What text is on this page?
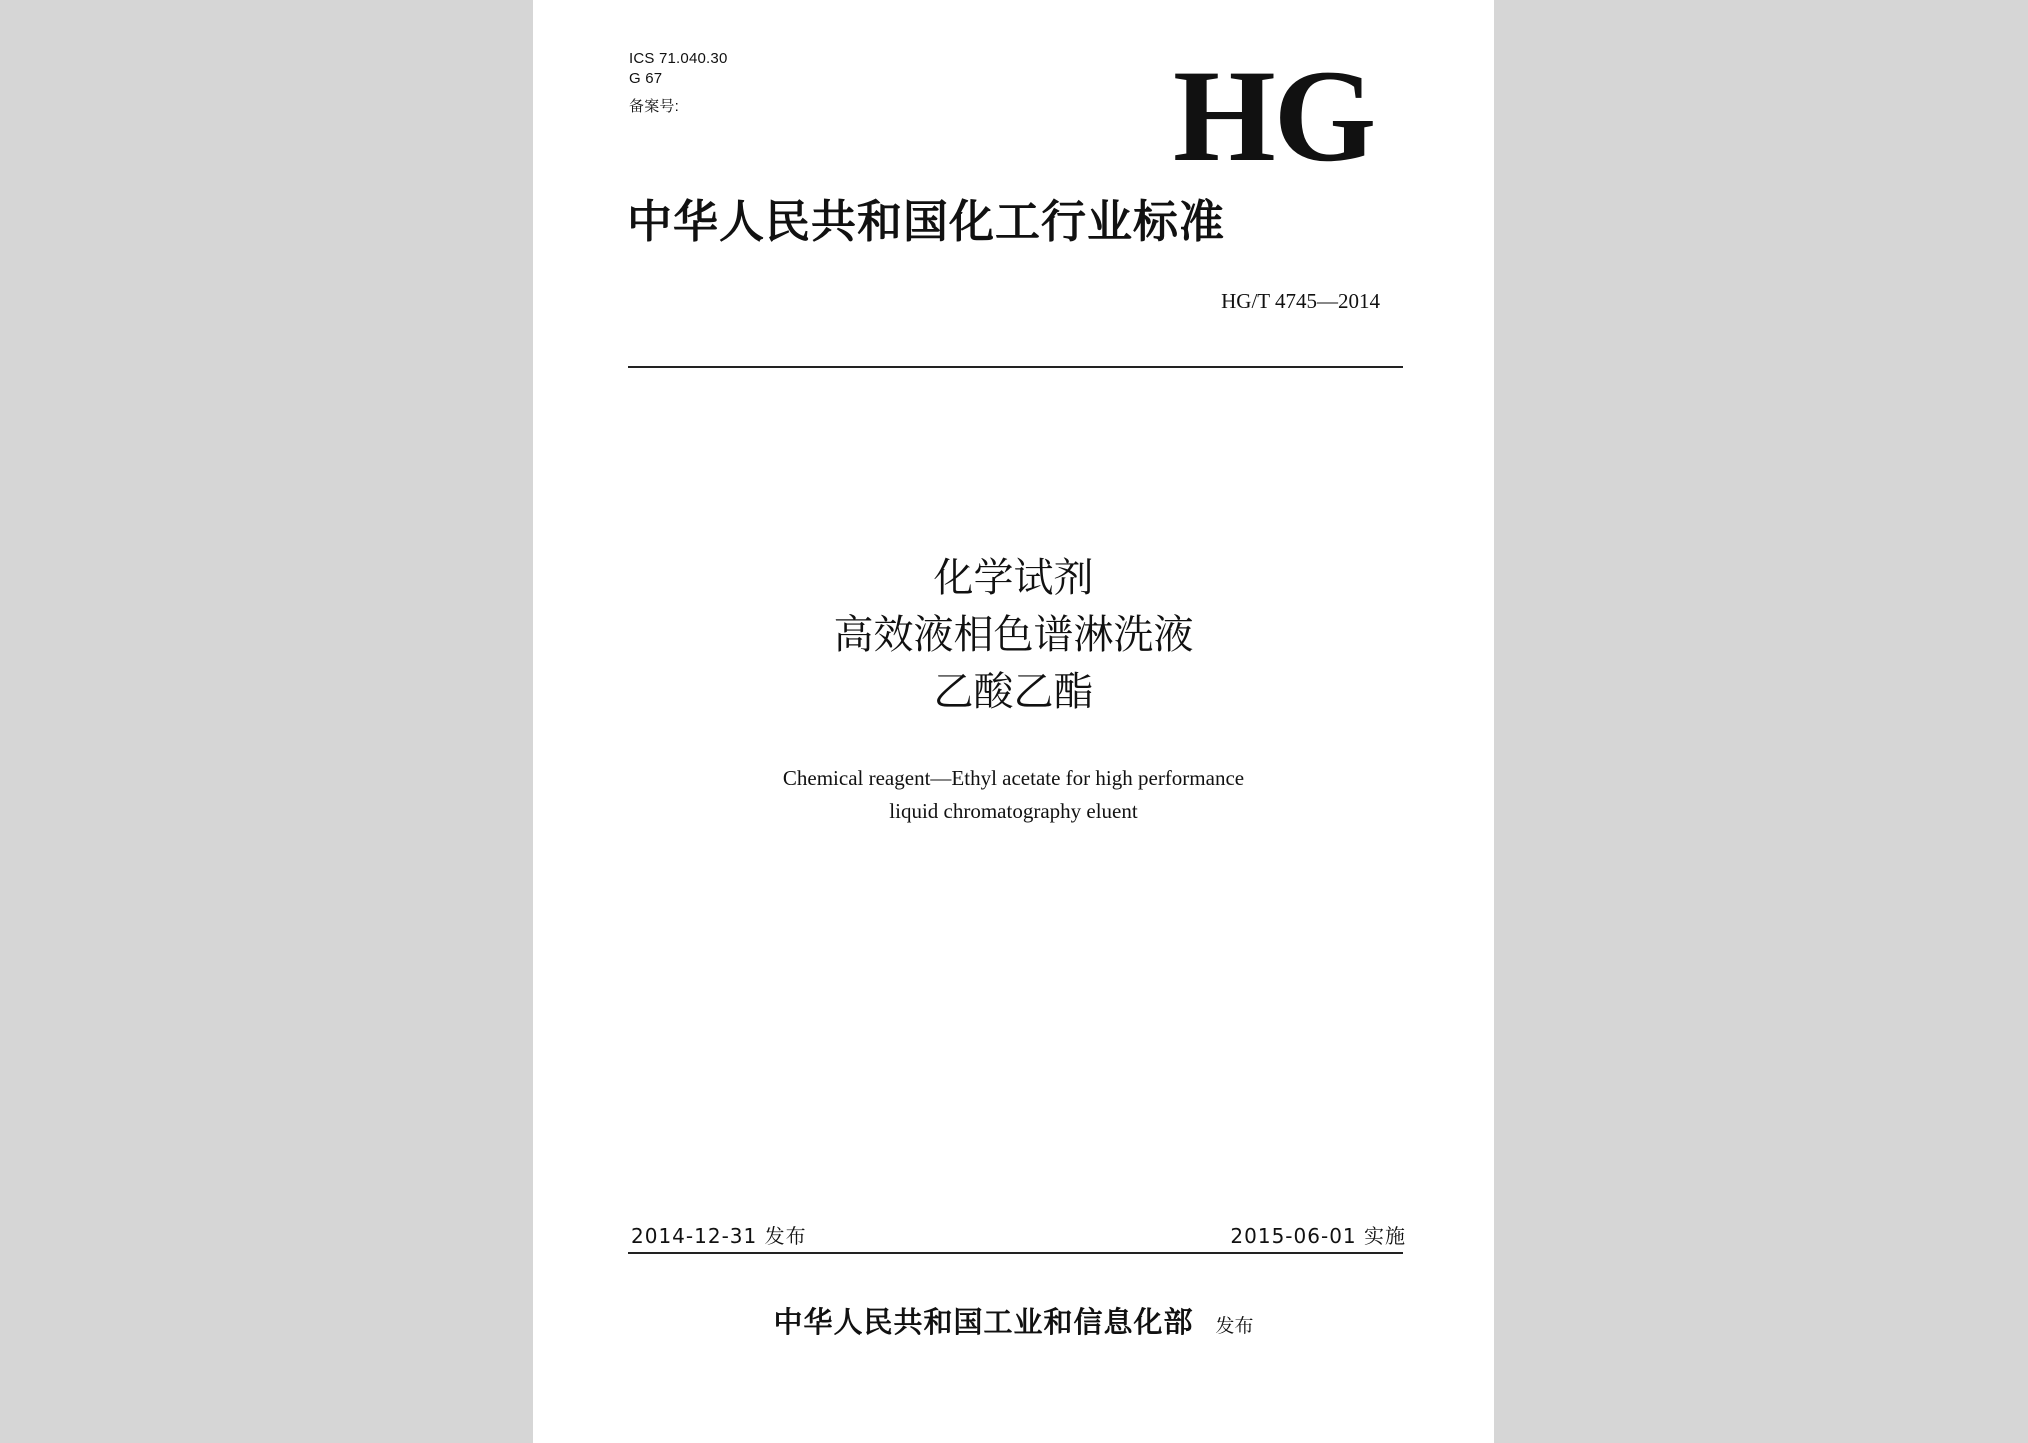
ICS 71.040.30
G 67
备案号:	HG
中华人民共和国化工行业标准
HG/T 4745—2014
化学试剂
高效液相色谱淋洗液
乙酸乙酯
Chemical reagent—Ethyl acetate for high performance
liquid chromatography eluent
2014-12-31 发布	2015-06-01 实施
中华人民共和国工业和信息化部 发布
